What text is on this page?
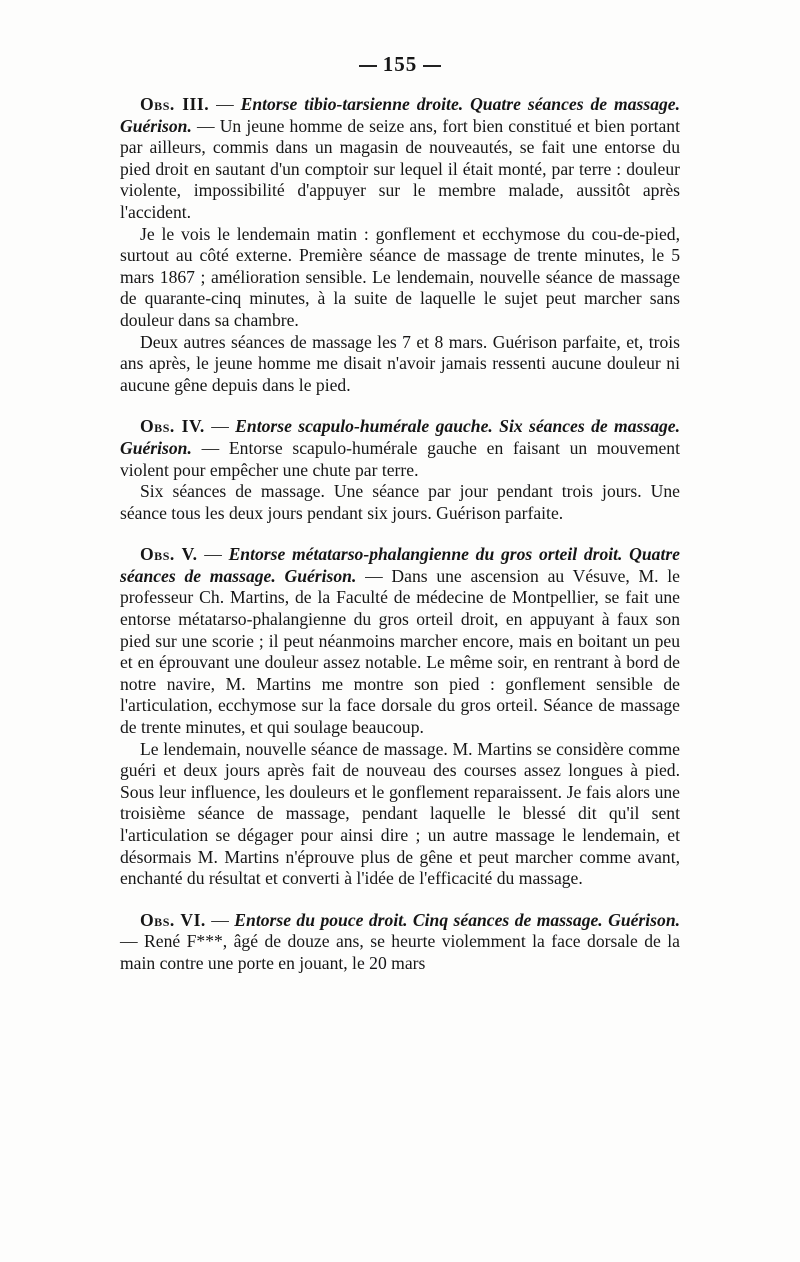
155

Obs. III. — Entorse tibio-tarsienne droite. Quatre séances de massage. Guérison. — Un jeune homme de seize ans, fort bien constitué et bien portant par ailleurs, commis dans un magasin de nouveautés, se fait une entorse du pied droit en sautant d'un comptoir sur lequel il était monté, par terre : douleur violente, impossibilité d'appuyer sur le membre malade, aussitôt après l'accident.

Je le vois le lendemain matin : gonflement et ecchymose du cou-de-pied, surtout au côté externe. Première séance de massage de trente minutes, le 5 mars 1867 ; amélioration sensible. Le lendemain, nouvelle séance de massage de quarante-cinq minutes, à la suite de laquelle le sujet peut marcher sans douleur dans sa chambre.

Deux autres séances de massage les 7 et 8 mars. Guérison parfaite, et, trois ans après, le jeune homme me disait n'avoir jamais ressenti aucune douleur ni aucune gêne depuis dans le pied.

Obs. IV. — Entorse scapulo-humérale gauche. Six séances de massage. Guérison. — Entorse scapulo-humérale gauche en faisant un mouvement violent pour empêcher une chute par terre.

Six séances de massage. Une séance par jour pendant trois jours. Une séance tous les deux jours pendant six jours. Guérison parfaite.

Obs. V. — Entorse métatarso-phalangienne du gros orteil droit. Quatre séances de massage. Guérison. — Dans une ascension au Vésuve, M. le professeur Ch. Martins, de la Faculté de médecine de Montpellier, se fait une entorse métatarso-phalangienne du gros orteil droit, en appuyant à faux son pied sur une scorie ; il peut néanmoins marcher encore, mais en boitant un peu et en éprouvant une douleur assez notable. Le même soir, en rentrant à bord de notre navire, M. Martins me montre son pied : gonflement sensible de l'articulation, ecchymose sur la face dorsale du gros orteil. Séance de massage de trente minutes, et qui soulage beaucoup.

Le lendemain, nouvelle séance de massage. M. Martins se considère comme guéri et deux jours après fait de nouveau des courses assez longues à pied. Sous leur influence, les douleurs et le gonflement reparaissent. Je fais alors une troisième séance de massage, pendant laquelle le blessé dit qu'il sent l'articulation se dégager pour ainsi dire ; un autre massage le lendemain, et désormais M. Martins n'éprouve plus de gêne et peut marcher comme avant, enchanté du résultat et converti à l'idée de l'efficacité du massage.

Obs. VI. — Entorse du pouce droit. Cinq séances de massage. Guérison. — René F***, âgé de douze ans, se heurte violemment la face dorsale de la main contre une porte en jouant, le 20 mars
